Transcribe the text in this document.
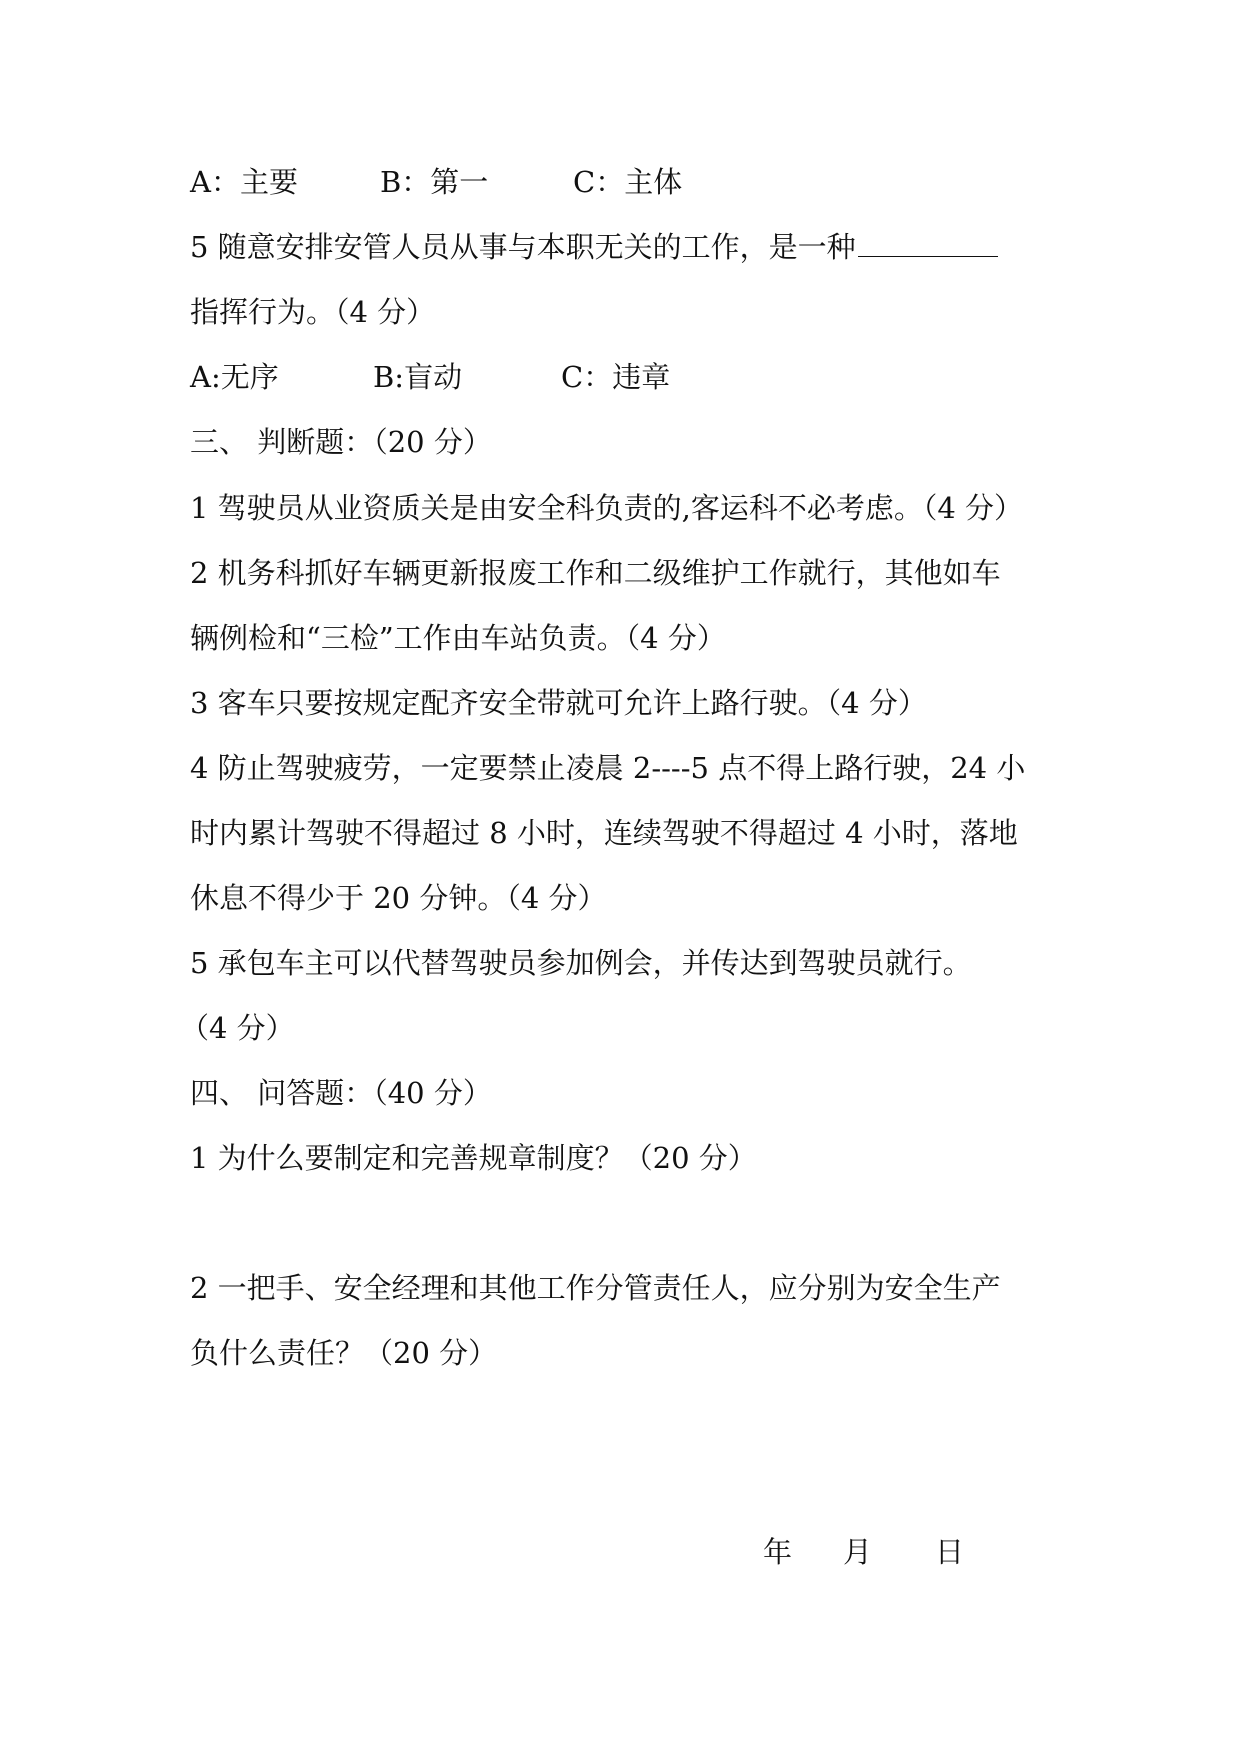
A：主要	B：第一	C：主体
5 随意安排安管人员从事与本职无关的工作，是一种
指挥行为。（4 分）
A:无序	B:盲动	C：违章
三、 判断题：（20 分）
1 驾驶员从业资质关是由安全科负责的,客运科不必考虑。（4 分）
2 机务科抓好车辆更新报废工作和二级维护工作就行，其他如车
辆例检和“三检”工作由车站负责。（4 分）
3 客车只要按规定配齐安全带就可允许上路行驶。（4 分）
4 防止驾驶疲劳，一定要禁止凌晨 2----5 点不得上路行驶，24 小
时内累计驾驶不得超过 8 小时，连续驾驶不得超过 4 小时，落地
休息不得少于 20 分钟。（4 分）
5 承包车主可以代替驾驶员参加例会，并传达到驾驶员就行。
（4 分）
四、 问答题：（40 分）
1 为什么要制定和完善规章制度？（20 分）
2 一把手、安全经理和其他工作分管责任人，应分别为安全生产
负什么责任？（20 分）
年 月 日
